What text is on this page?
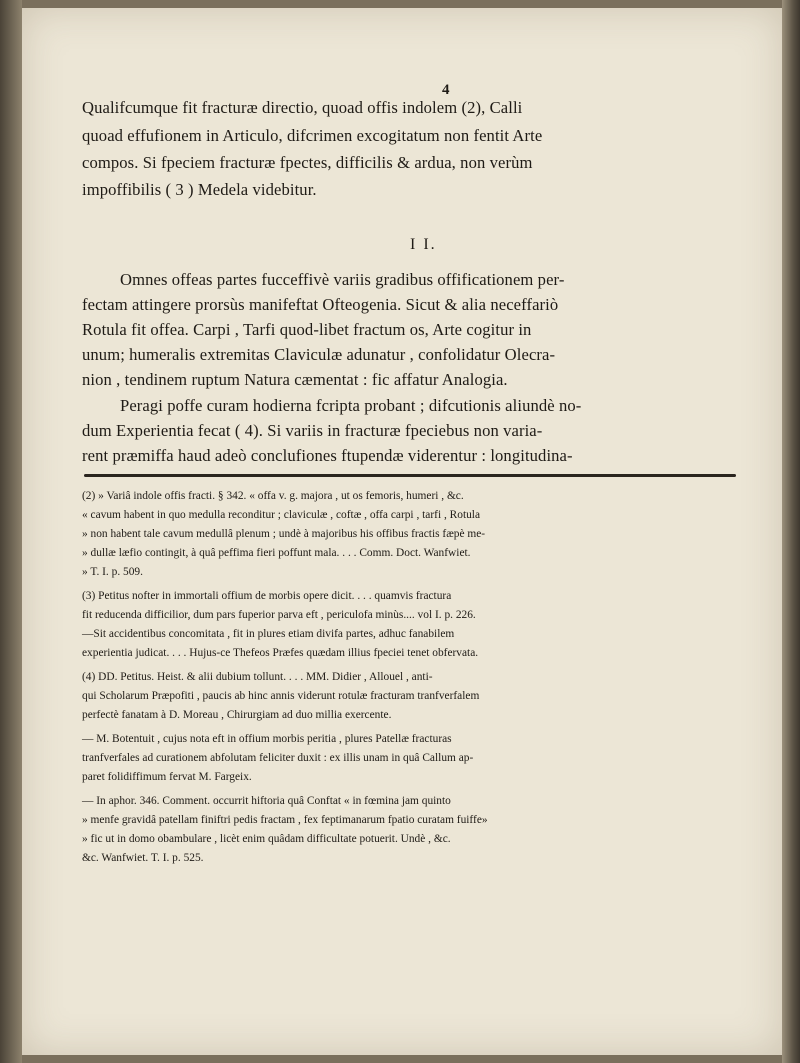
4
Qualifcumque fit fracturæ directio, quoad offis indolem (2), Calli
quoad effufionem in Articulo, difcrimen excogitatum non fentit Arte
compos. Si fpeciem fracturæ fpectes, difficilis & ardua, non verùm
impoffibilis ( 3 ) Medela videbitur.
I I.
Omnes offeas partes fucceffivè variis gradibus offificationem per-
fectam attingere prorsùs manifeftat Ofteogenia. Sicut & alia neceffariò
Rotula fit offea. Carpi , Tarfi quod-libet fractum os, Arte cogitur in
unum; humeralis extremitas Claviculæ adunatur , confolidatur Olecra-
nion , tendinem ruptum Natura cæmentat : fic affatur Analogia.
Peragi poffe curam hodierna fcripta probant ; difcutionis aliundè no-
(2) » Variâ indole offis fracti. § 342. « offa v. g. majora , ut os femoris, humeri , &c.
« cavum habent in quo medulla reconditur ; claviculæ , coftæ , offa carpi , tarfi , Rotula
» non habent tale cavum medullâ plenum ; undè à majoribus his offibus fractis fæpè me-
» dullæ læfio contingit, à quâ peffima fieri poffunt mala. . . . Comm. Doct. Wanfwiet.
» T. I. p. 509.
(3) Petitus nofter in immortali offium de morbis opere dicit. . . . quamvis fractura
fit reducenda difficilior, dum pars fuperior parva eft , periculofa minùs.... vol I. p. 226.
—Sit accidentibus concomitata , fit in plures etiam divifa partes, adhuc fanabilem
experientia judicat. . . . Hujus-ce Thefeos Præfes quædam illius fpeciei tenet obfervata.
(4) DD. Petitus. Heist. & alii dubium tollunt. . . . MM. Didier , Allouel , anti-
qui Scholarum Præpofiti , paucis ab hinc annis viderunt rotulæ fracturam tranfverfalem
perfectè fanatam à D. Moreau , Chirurgiam ad duo millia exercente.
— M. Botentuit , cujus nota eft in offium morbis peritia , plures Patellæ fracturas
tranfverfales ad curationem abfolutam feliciter duxit : ex illis unam in quâ Callum ap-
paret folidiffimum fervat M. Fargeix.
— In aphor. 346. Comment. occurrit hiftoria quâ Conftat « in fœmina jam quinto
» menfe gravidâ patellam finiftri pedis fractam , fex feptimanarum fpatio curatam fuiffe»
» fic ut in domo obambulare , licèt enim quâdam difficultate potuerit. Undè , &c.
&c. Wanfwiet. T. I. p. 525.
dum Experientia fecat ( 4). Si variis in fracturæ fpeciebus non varia-
rent præmiffa haud adeò conclufiones ftupendæ viderentur : longitudina-
